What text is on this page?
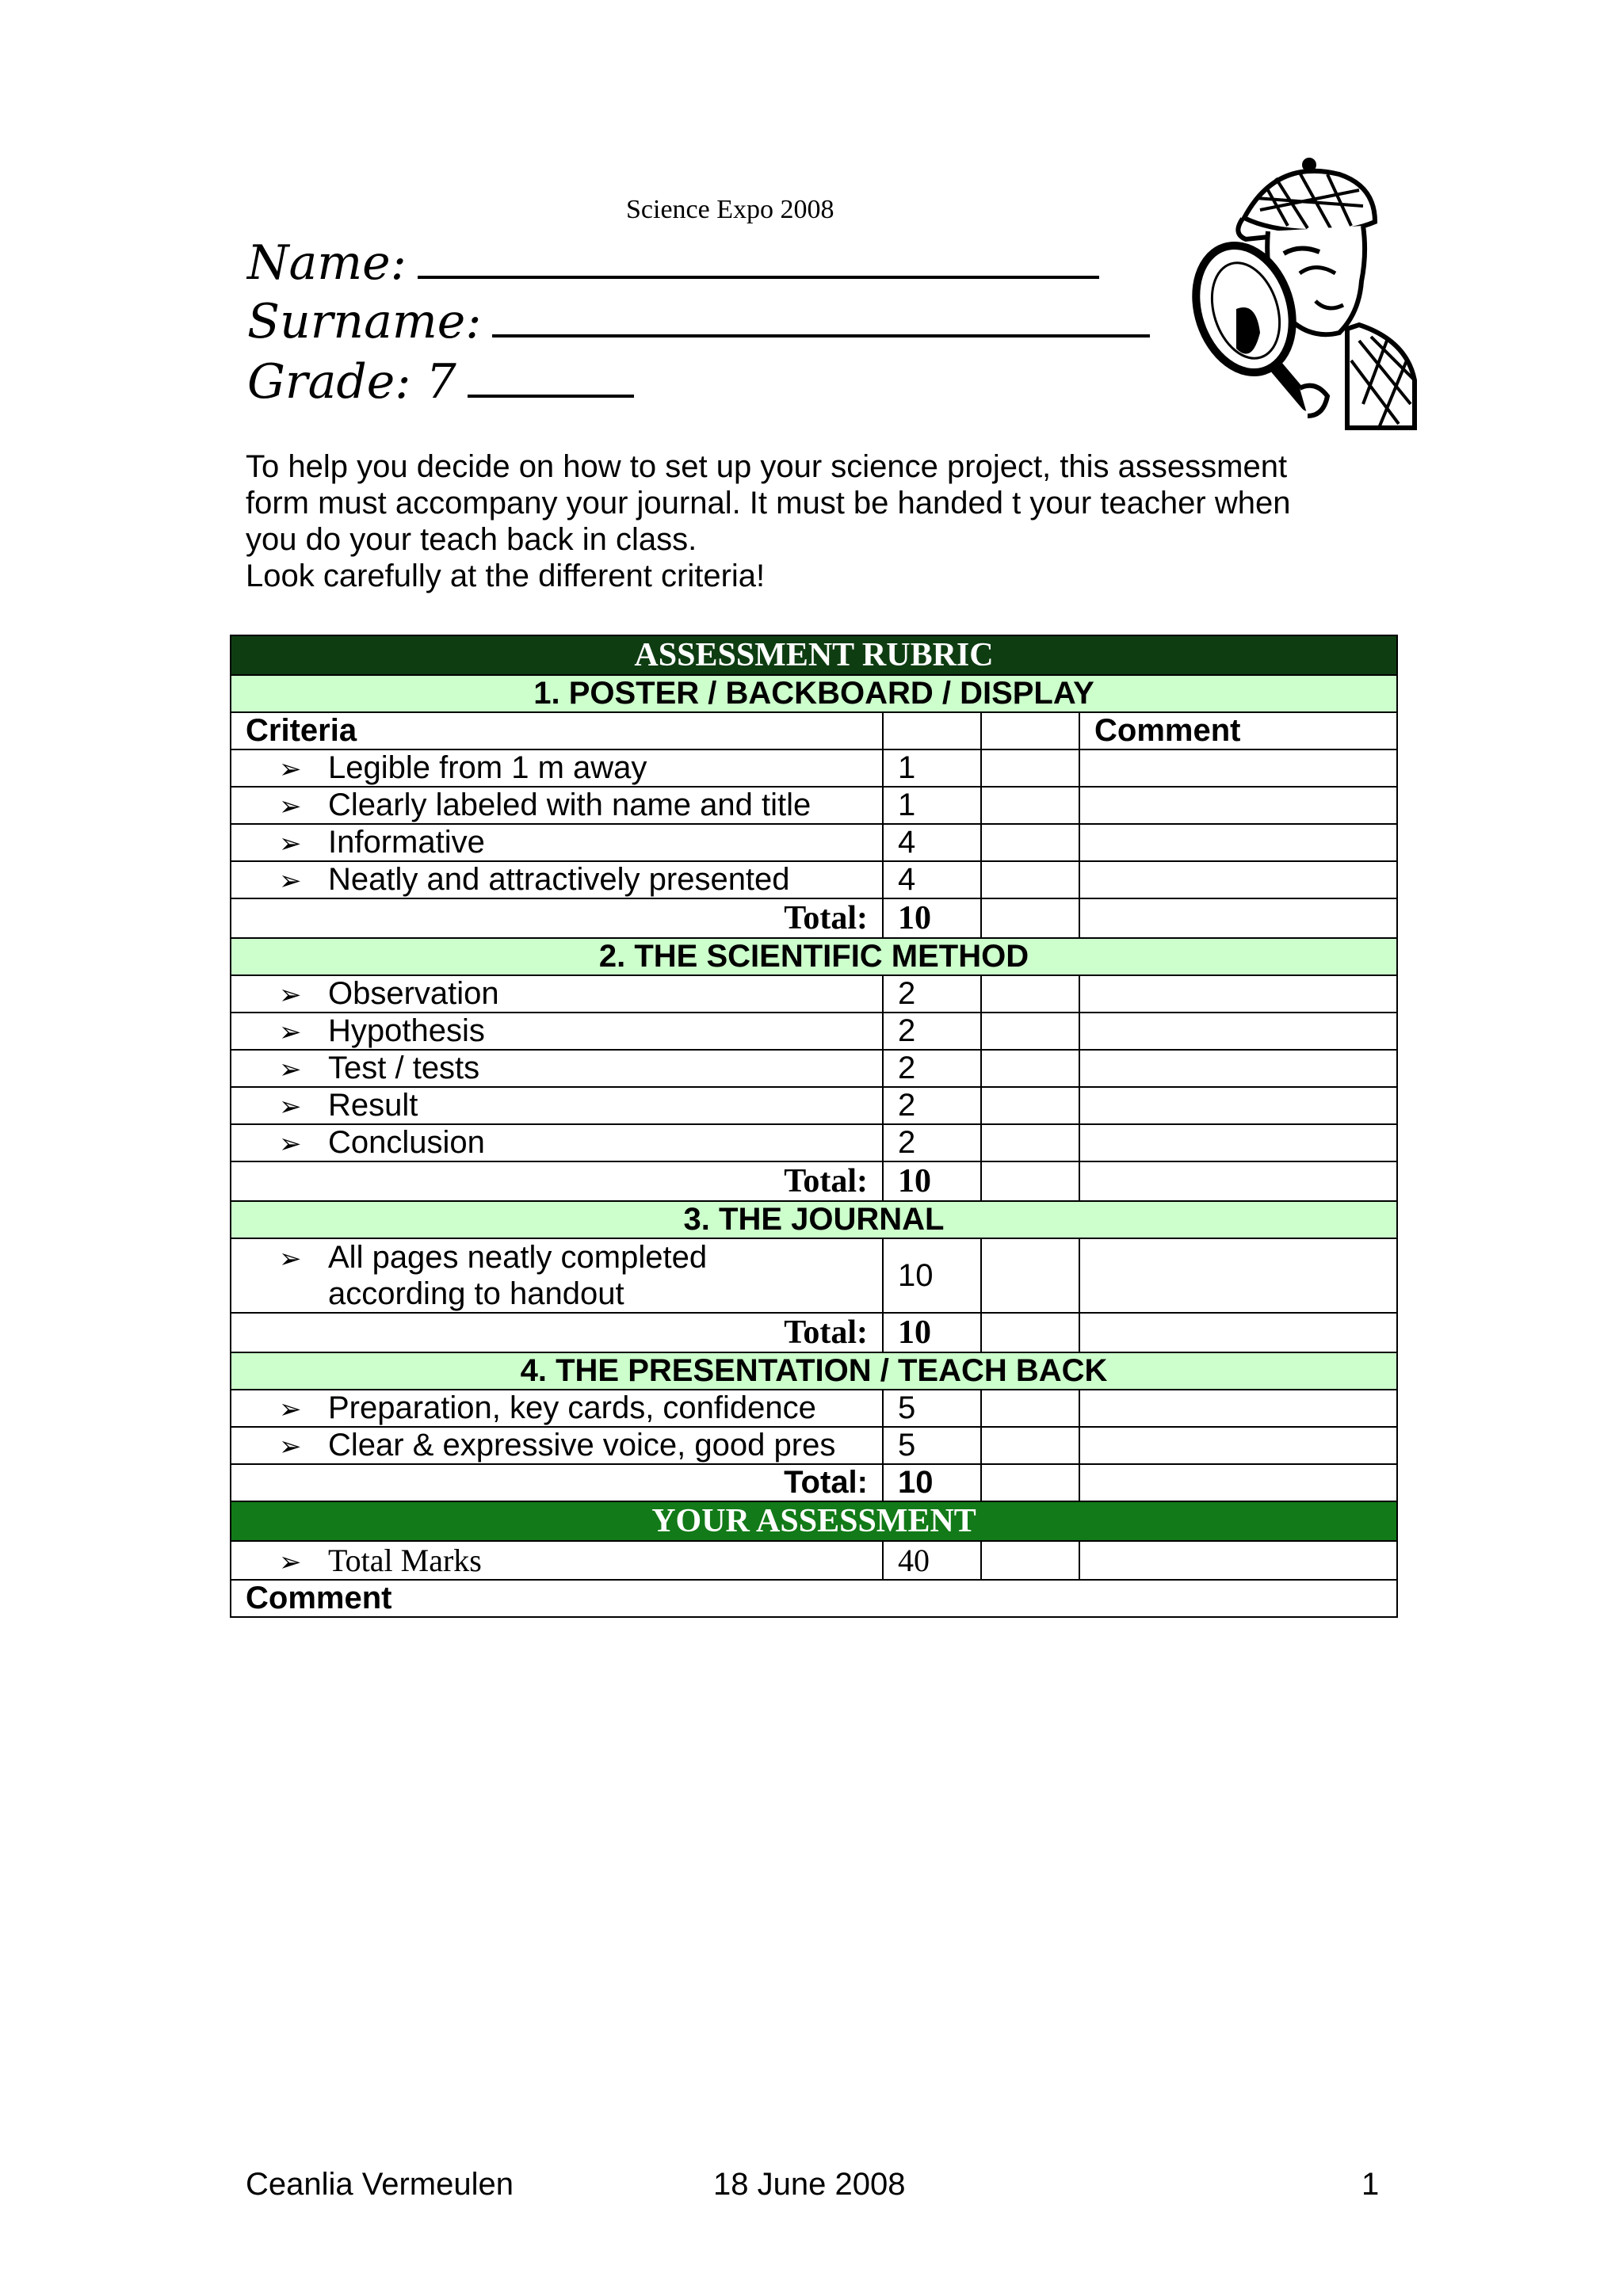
Science Expo 2008
Name:
Surname:
Grade: 7

To help you decide on how to set up your science project, this assessment

form must accompany your journal. It must be handed t your teacher when

you do your teach back in class.

Look carefully at the different criteria!

ASSESSMENT RUBRIC			
1. POSTER / BACKBOARD / DISPLAY			
Criteria			Comment
➢ Legible from 1 m away	1		
➢ Clearly labeled with name and title	1		
➢ Informative	4		
➢ Neatly and attractively presented	4		
Total:	10		
2. THE SCIENTIFIC METHOD			
➢ Observation	2		
➢ Hypothesis	2		
➢ Test / tests	2		
➢ Result	2		
➢ Conclusion	2		
Total:	10		
3. THE JOURNAL			
➢ All pages neatly completed according to handout	10		
Total:	10		
4. THE PRESENTATION / TEACH BACK			
➢ Preparation, key cards, confidence	5		
➢ Clear & expressive voice, good pres	5		
Total:	10		
YOUR ASSESSMENT			
➢ Total Marks	40		
Comment			
Ceanlia Vermeulen	18 June 2008	1
